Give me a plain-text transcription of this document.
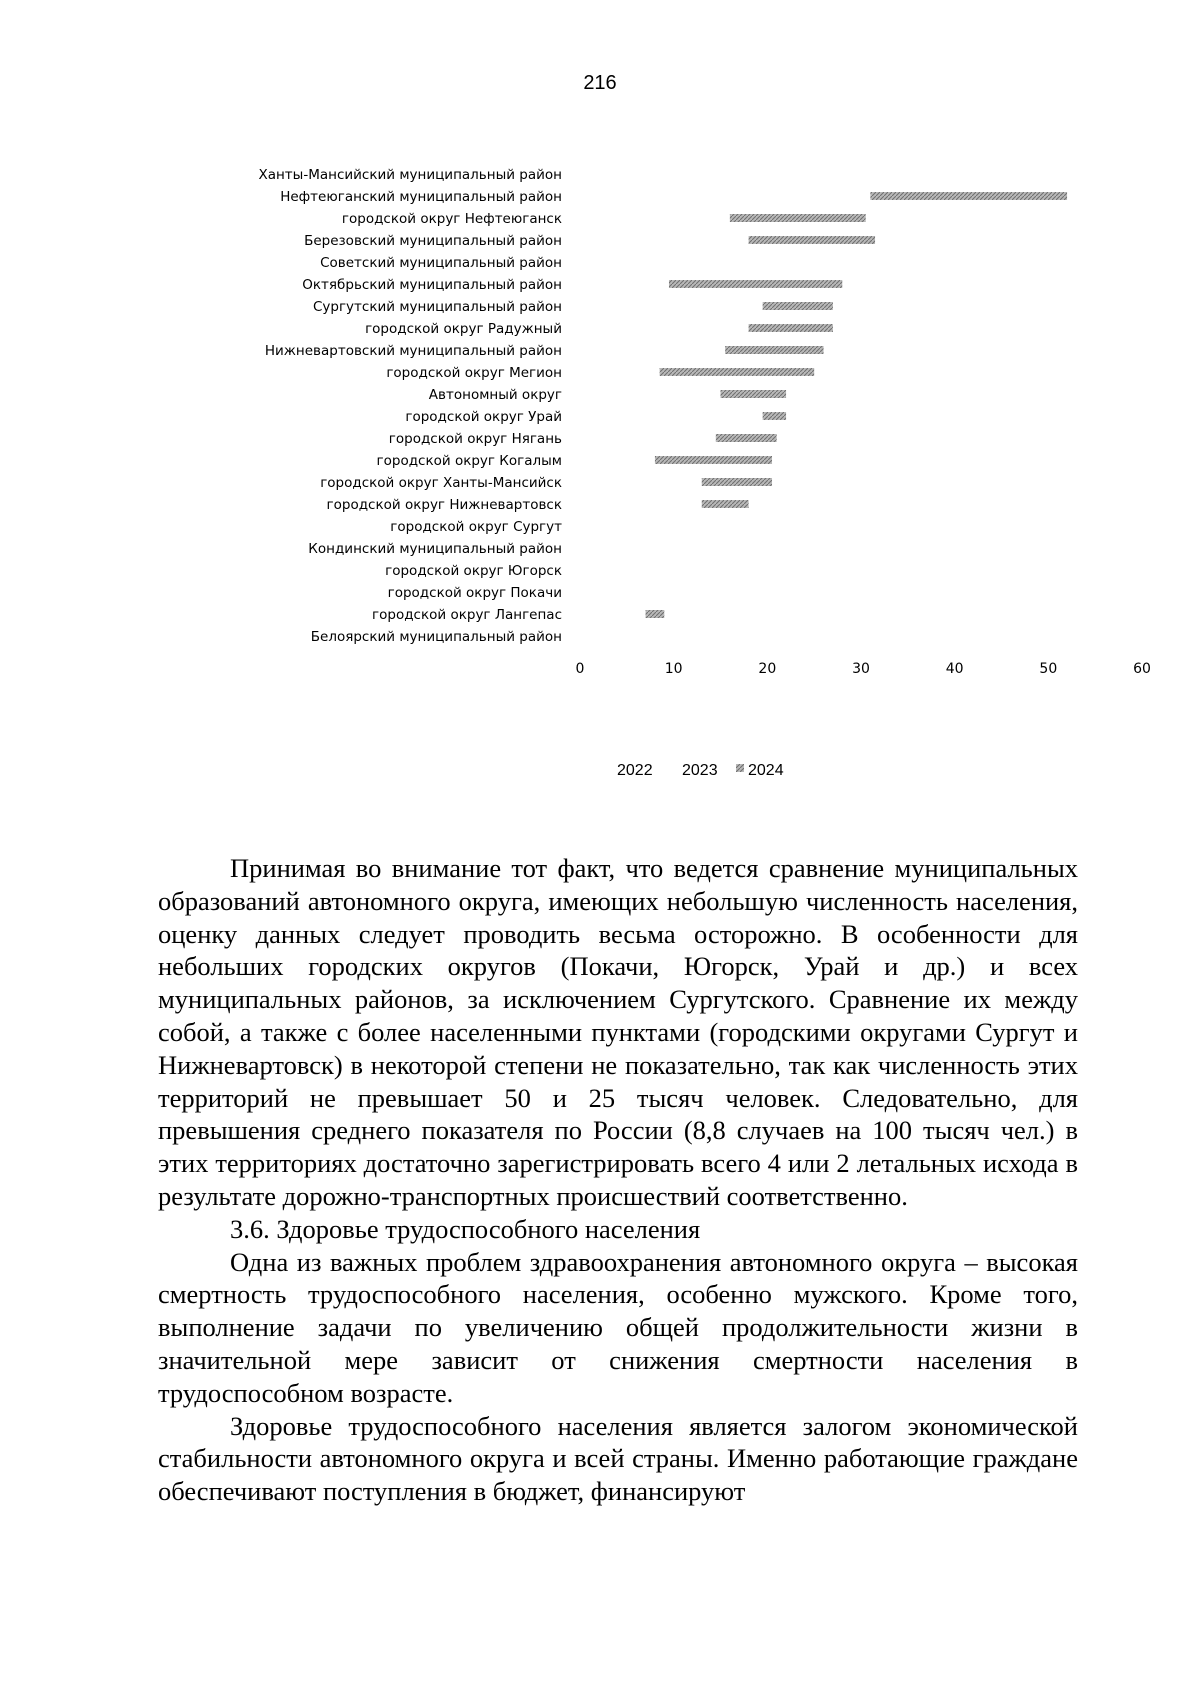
216
Ханты-Мансийский муниципальный район
Нефтеюганский муниципальный район
городской округ Нефтеюганск
Березовский муниципальный район
Советский муниципальный район
Октябрьский муниципальный район
Сургутский муниципальный район
городской округ Радужный
Нижневартовский муниципальный район
городской округ Мегион
Автономный округ
городской округ Урай
городской округ Нягань
городской округ Когалым
городской округ Ханты-Мансийск
городской округ Нижневартовск
городской округ Сургут
Кондинский муниципальный район
городской округ Югорск
городской округ Покачи
городской округ Лангепас
Белоярский муниципальный район
0	10	20	30	40	50	60
2022 2023 2024

Принимая во внимание тот факт, что ведется сравнение муниципальных образований автономного округа, имеющих небольшую численность населения, оценку данных следует проводить весьма осторожно. В особенности для небольших городских округов (Покачи, Югорск, Урай и др.) и всех муниципальных районов, за исключением Сургутского. Сравнение их между собой, а также с более населенными пунктами (городскими округами Сургут и Нижневартовск) в некоторой степени не показательно, так как численность этих территорий не превышает 50 и 25 тысяч человек. Следовательно, для превышения среднего показателя по России (8,8 случаев на 100 тысяч чел.) в этих территориях достаточно зарегистрировать всего 4 или 2 летальных исхода в результате дорожно-транспортных происшествий соответственно.

3.6. Здоровье трудоспособного населения

Одна из важных проблем здравоохранения автономного округа – высокая смертность трудоспособного населения, особенно мужского. Кроме того, выполнение задачи по увеличению общей продолжительности жизни в значительной мере зависит от снижения смертности населения в трудоспособном возрасте.

Здоровье трудоспособного населения является залогом экономической стабильности автономного округа и всей страны. Именно работающие граждане обеспечивают поступления в бюджет, финансируют
